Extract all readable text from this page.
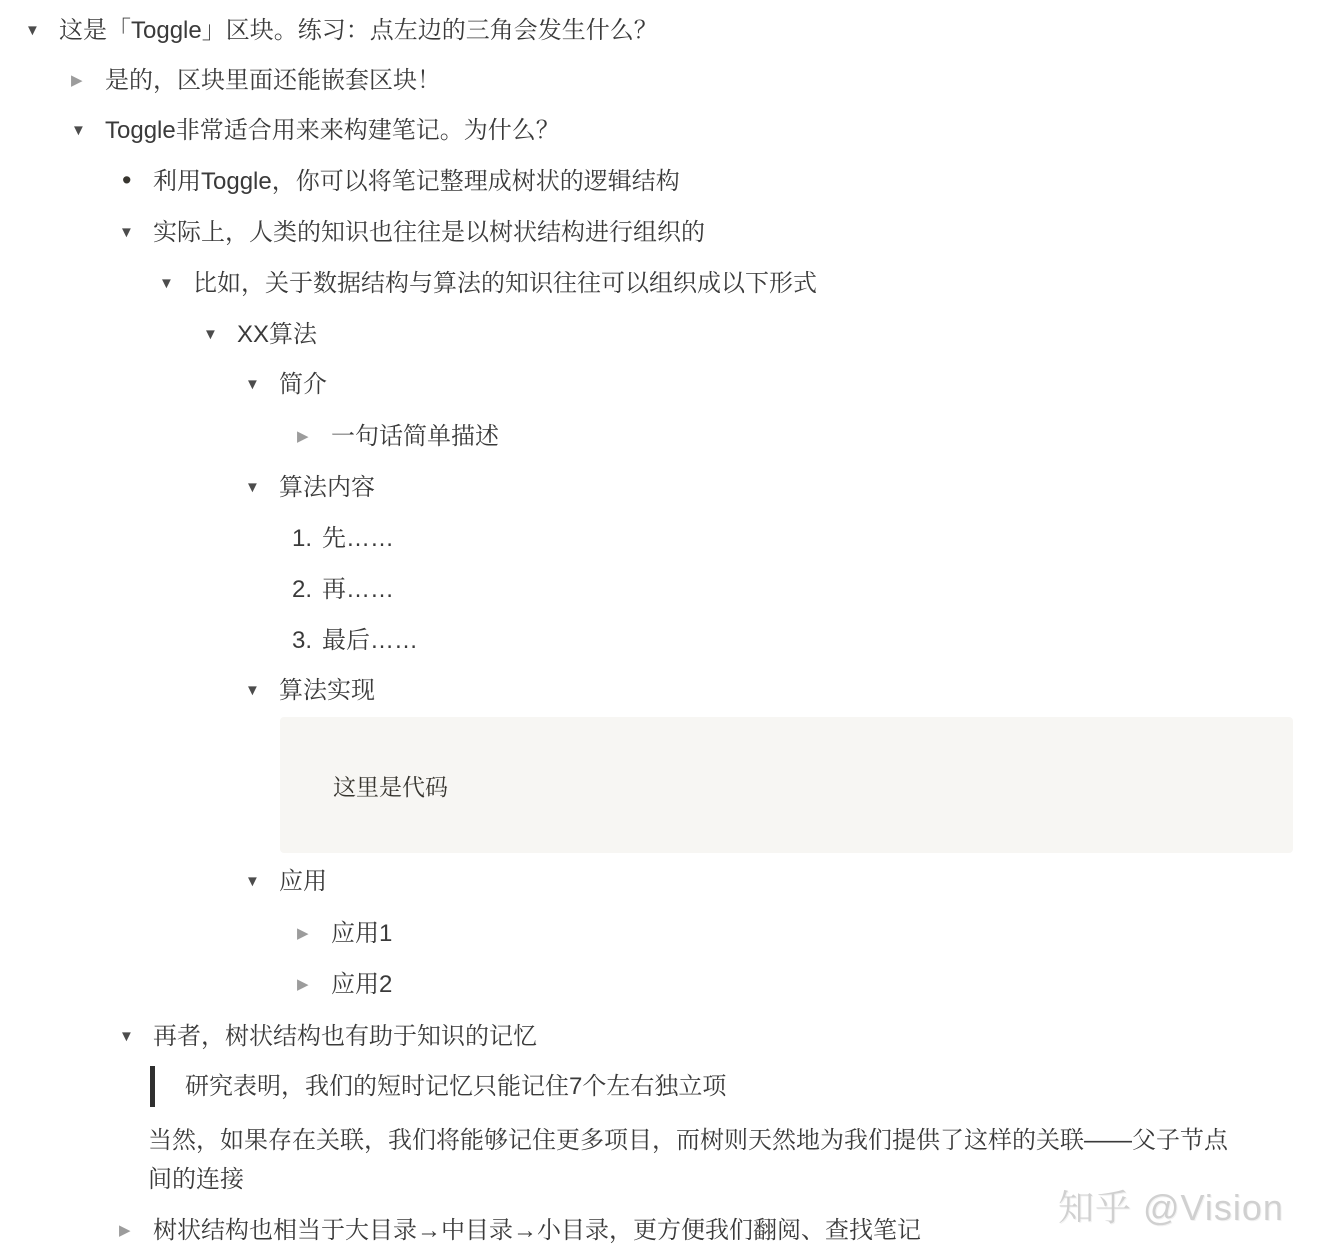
▼ 这是「Toggle」区块。练习：点左边的三角会发生什么？
▶ 是的，区块里面还能嵌套区块！
▼ Toggle非常适合用来来构建笔记。为什么？
• 利用Toggle，你可以将笔记整理成树状的逻辑结构
▼ 实际上，人类的知识也往往是以树状结构进行组织的
▼ 比如，关于数据结构与算法的知识往往可以组织成以下形式
▼ XX算法
▼ 简介
▶ 一句话简单描述
▼ 算法内容
1. 先……
2. 再……
3. 最后……
▼ 算法实现
这里是代码
▼ 应用
▶ 应用1
▶ 应用2
▼ 再者，树状结构也有助于知识的记忆
研究表明，我们的短时记忆只能记住7个左右独立项
当然，如果存在关联，我们将能够记住更多项目，而树则天然地为我们提供了这样的关联——父子节点间的连接
▶ 树状结构也相当于大目录→中目录→小目录，更方便我们翻阅、查找笔记
知乎 @Vision
